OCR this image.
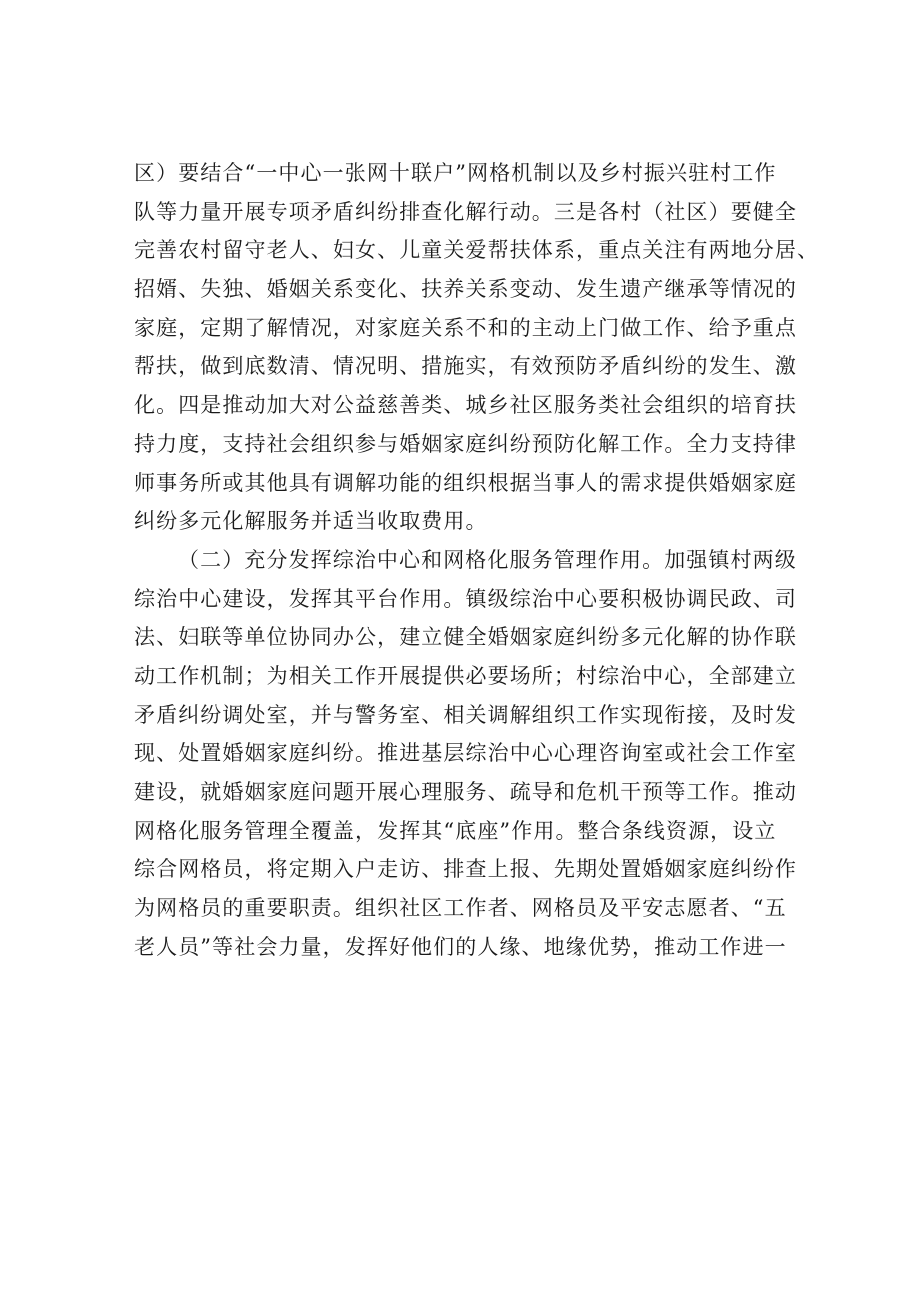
区）要结合“一中心一张网十联户”网格机制以及乡村振兴驻村工作
队等力量开展专项矛盾纠纷排查化解行动。三是各村（社区）要健全
完善农村留守老人、妇女、儿童关爱帮扶体系，重点关注有两地分居、
招婿、失独、婚姻关系变化、扶养关系变动、发生遗产继承等情况的
家庭，定期了解情况，对家庭关系不和的主动上门做工作、给予重点
帮扶，做到底数清、情况明、措施实，有效预防矛盾纠纷的发生、激
化。四是推动加大对公益慈善类、城乡社区服务类社会组织的培育扶
持力度，支持社会组织参与婚姻家庭纠纷预防化解工作。全力支持律
师事务所或其他具有调解功能的组织根据当事人的需求提供婚姻家庭
纠纷多元化解服务并适当收取费用。
（二）充分发挥综治中心和网格化服务管理作用。加强镇村两级
综治中心建设，发挥其平台作用。镇级综治中心要积极协调民政、司
法、妇联等单位协同办公，建立健全婚姻家庭纠纷多元化解的协作联
动工作机制；为相关工作开展提供必要场所；村综治中心，全部建立
矛盾纠纷调处室，并与警务室、相关调解组织工作实现衔接，及时发
现、处置婚姻家庭纠纷。推进基层综治中心心理咨询室或社会工作室
建设，就婚姻家庭问题开展心理服务、疏导和危机干预等工作。推动
网格化服务管理全覆盖，发挥其“底座”作用。整合条线资源，设立
综合网格员，将定期入户走访、排查上报、先期处置婚姻家庭纠纷作
为网格员的重要职责。组织社区工作者、网格员及平安志愿者、“五
老人员”等社会力量，发挥好他们的人缘、地缘优势，推动工作进一
